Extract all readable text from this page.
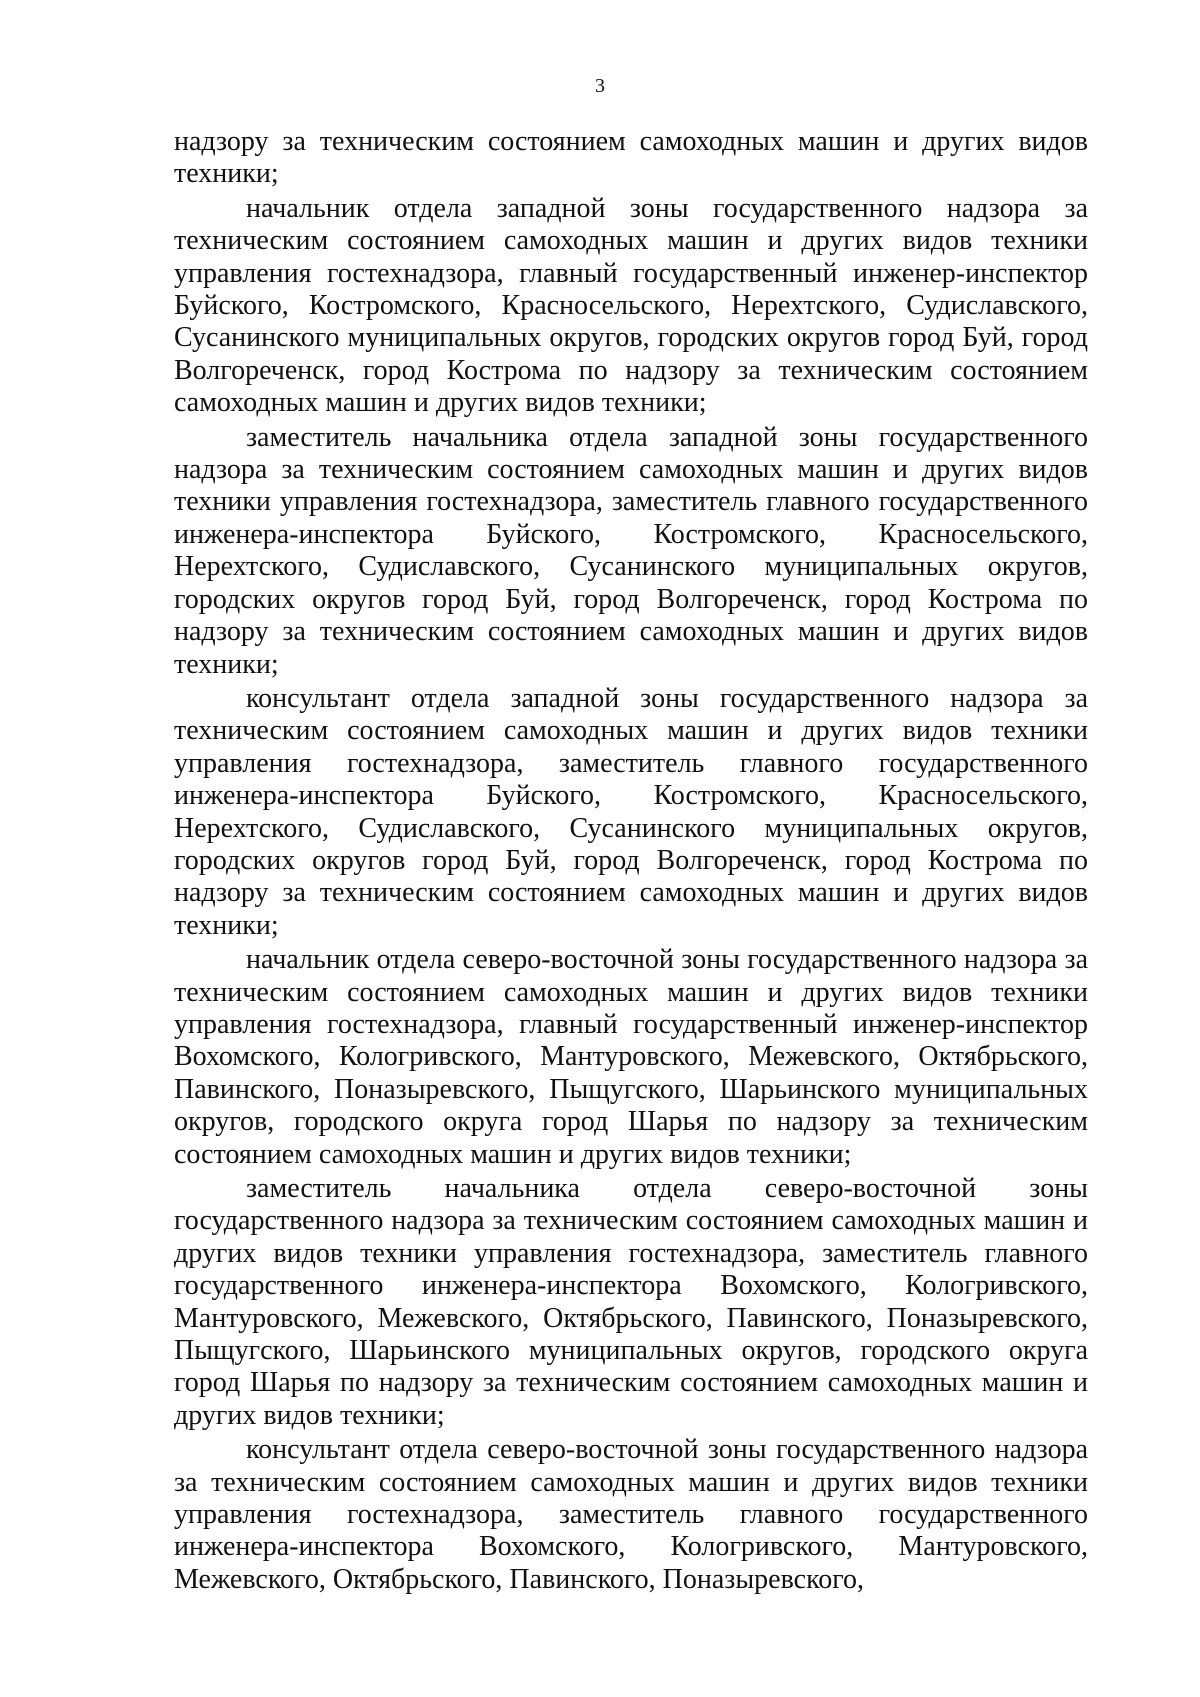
3

надзору за техническим состоянием самоходных машин и других видов техники;

начальник отдела западной зоны государственного надзора за техническим состоянием самоходных машин и других видов техники управления гостехнадзора, главный государственный инженер-инспектор Буйского, Костромского, Красносельского, Нерехтского, Судиславского, Сусанинского муниципальных округов, городских округов город Буй, город Волгореченск, город Кострома по надзору за техническим состоянием самоходных машин и других видов техники;

заместитель начальника отдела западной зоны государственного надзора за техническим состоянием самоходных машин и других видов техники управления гостехнадзора, заместитель главного государственного инженера-инспектора Буйского, Костромского, Красносельского, Нерехтского, Судиславского, Сусанинского муниципальных округов, городских округов город Буй, город Волгореченск, город Кострома по надзору за техническим состоянием самоходных машин и других видов техники;

консультант отдела западной зоны государственного надзора за техническим состоянием самоходных машин и других видов техники управления гостехнадзора, заместитель главного государственного инженера-инспектора Буйского, Костромского, Красносельского, Нерехтского, Судиславского, Сусанинского муниципальных округов, городских округов город Буй, город Волгореченск, город Кострома по надзору за техническим состоянием самоходных машин и других видов техники;

начальник отдела северо-восточной зоны государственного надзора за техническим состоянием самоходных машин и других видов техники управления гостехнадзора, главный государственный инженер-инспектор Вохомского, Кологривского, Мантуровского, Межевского, Октябрьского, Павинского, Поназыревского, Пыщугского, Шарьинского муниципальных округов, городского округа город Шарья по надзору за техническим состоянием самоходных машин и других видов техники;

заместитель начальника отдела северо-восточной зоны государственного надзора за техническим состоянием самоходных машин и других видов техники управления гостехнадзора, заместитель главного государственного инженера-инспектора Вохомского, Кологривского, Мантуровского, Межевского, Октябрьского, Павинского, Поназыревского, Пыщугского, Шарьинского муниципальных округов, городского округа город Шарья по надзору за техническим состоянием самоходных машин и других видов техники;

консультант отдела северо-восточной зоны государственного надзора за техническим состоянием самоходных машин и других видов техники управления гостехнадзора, заместитель главного государственного инженера-инспектора Вохомского, Кологривского, Мантуровского, Межевского, Октябрьского, Павинского, Поназыревского,
